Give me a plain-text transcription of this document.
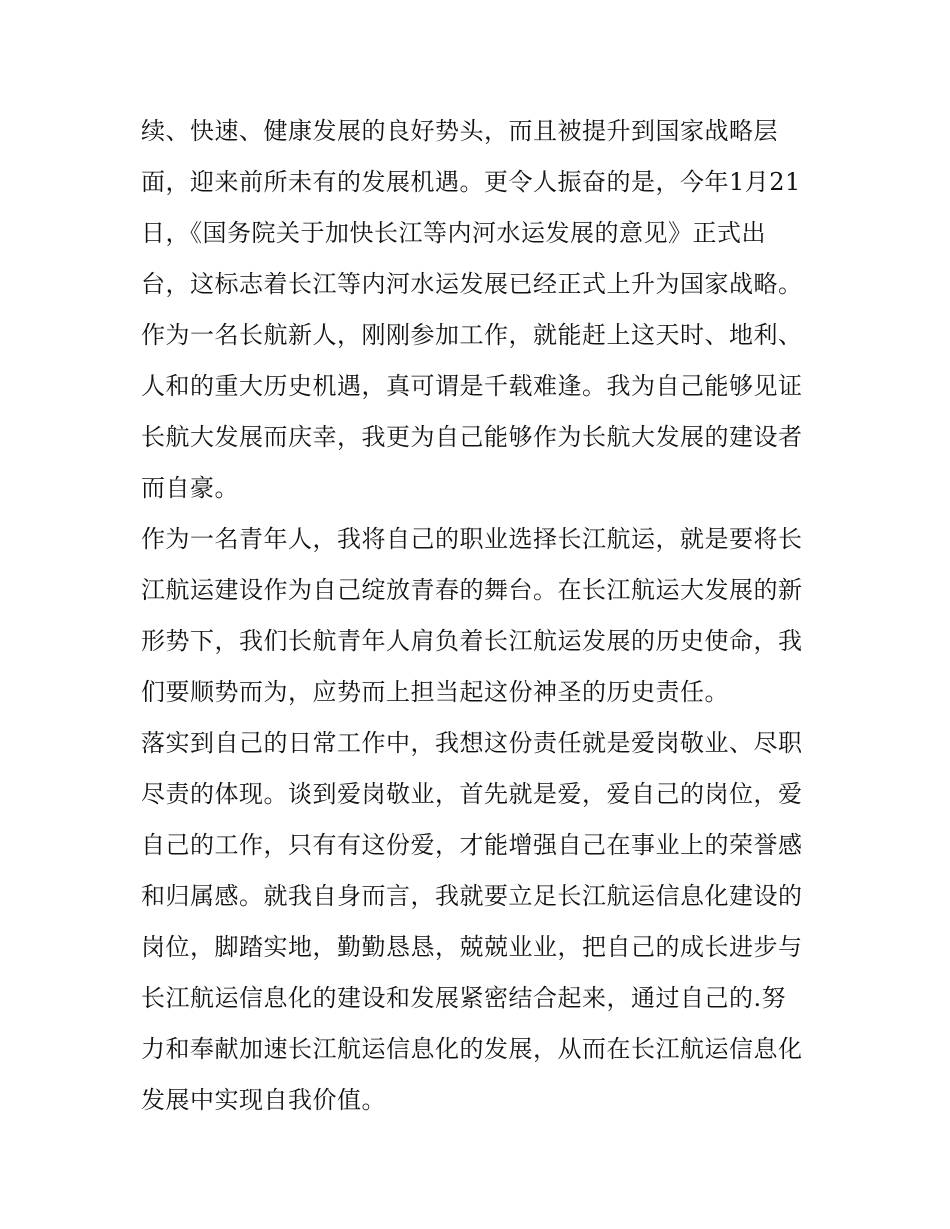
续、快速、健康发展的良好势头，而且被提升到国家战略层
面，迎来前所未有的发展机遇。更令人振奋的是，今年1月21
日，《国务院关于加快长江等内河水运发展的意见》正式出
台，这标志着长江等内河水运发展已经正式上升为国家战略。
作为一名长航新人，刚刚参加工作，就能赶上这天时、地利、
人和的重大历史机遇，真可谓是千载难逢。我为自己能够见证
长航大发展而庆幸，我更为自己能够作为长航大发展的建设者
而自豪。
作为一名青年人，我将自己的职业选择长江航运，就是要将长
江航运建设作为自己绽放青春的舞台。在长江航运大发展的新
形势下，我们长航青年人肩负着长江航运发展的历史使命，我
们要顺势而为，应势而上担当起这份神圣的历史责任。
落实到自己的日常工作中，我想这份责任就是爱岗敬业、尽职
尽责的体现。谈到爱岗敬业，首先就是爱，爱自己的岗位，爱
自己的工作，只有有这份爱，才能增强自己在事业上的荣誉感
和归属感。就我自身而言，我就要立足长江航运信息化建设的
岗位，脚踏实地，勤勤恳恳，兢兢业业，把自己的成长进步与
长江航运信息化的建设和发展紧密结合起来，通过自己的.努
力和奉献加速长江航运信息化的发展，从而在长江航运信息化
发展中实现自我价值。
